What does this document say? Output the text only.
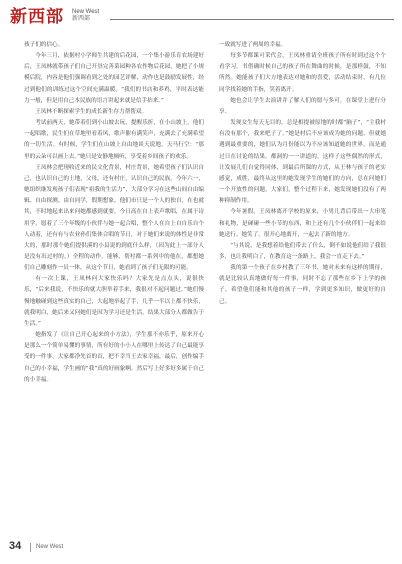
新西部 New West
新西部

孩子们的信心。

今年三月，依据村小学师生共建的后花园，一个集小游乐育农场建好后，王凤林就带孩子们自己开垦完善菜园种各农作物后花园，她把了小规模后院，内容是他们强调看到之处的园艺评解，动作也是鼓励发展性，经过到他们的训练过这个空间充满温暖。“我们的书店和养鸡，平时表达能力一般，但是用自己本民族的语言讲起来就是信手拈来。”

王凤林不断探索学生的成长新生存力帮帮双。

考试前两天，她带着们到小山坡去玩，提醒乐折，在小山坡上，他们一起唱歌，民生们在草地里看着风，歌声催有满笑声，充满去了充满希望的一切生活。有时候，学生们在山坡上自由地谈天说地，天马行空：“那里的云朵可以画上去。”她只是安静地倾听，享受着乡间孩子的欢乐。

王凤林会把现收近来的民文化背景，村庄背景，她希望孩子们认识自己，也认识自己的土地，父母，还有村庄，认识自己的民族。今年六一，她组织继发现孩子们表现“祖我的生活力”，大部分学习在这些山间自由编辑、自由探测。由自同学，假期想象，他们市只是一个人的独自，在也就其，不时地起来出来问她都感到就要，今日高在自上表声歌唱，在属于诗用学，愿着了三个年级的小伙伴与她一起合唱，整个人在自上自自乐自个人动着，还有有与农业孙们集体合唱的节日，对于她们来说的体性是非常大的，那时那个她们提供溪的小县说的到底什么样，（因为此上一部分人是没有出过村的。）全程的动作，能够，帮衬都一系列中的他在，都想她们自己雕刻作一员一体，从这个节日，她看到了孩子们无限的可能。

有一次上课，王凤林问大家快乐吗？大家先是点点头，说很快乐，“后来我说，不快乐的就大胆举着手来，我很对不起问题过。”她们慢慢地触碰到这些真实的自己，大起地举起了手，几乎一半以上都不快乐，就我明白，她后来又问她们是因为学习还是生活，结果大部分人都做告于生活。”

她指发了《让自己开心起来的小方法》，学生那不亦乐乎，原来开心是那么一个简单易懂的事情，所有好的小小人在哪里上传达了自己最能享受的一件事，大家都净先首的首，把不幸当王去家幸福，最后，创作编手自己的小幸福，学生画的“我”真的好画象啊，然后写上好多好多属于自己的小幸福。

一致就写进了两周的幸福。

每多节都课可采代会，王凤林重请全班孩子所有时到过这个个看学习。书借确时候自己的孩子所在舞曲的时候，是那样鼓，不知所然。她能孩子们大方地表达对她和的喜爱，活动结束时，有几位同学找着她的手指，笑着离开。

她也会让学生去演讲并了解人们的愿与多可，在课堂上进行分享。

发现女生每天无目的，总是相提被原地的时都“脑子”，“主我村有没有那个，我来吧子了。”她是村后不应该成为她的问题，但就她遇到最重要的，她们认为月份能以为不应该知道她的世界，而是通过日在讨论的结果。都洞的一一讲道的，这样子这些偶然的形式，让发展儿们自觉得同体，到最后所课的方式，从王林与孩子的老实感觉，成胜，最终从这里的她发现学生的她们的方向，总在问她们一个开放性的问题，大家们，整个过程下来，她发现她们没有了两种抑制作用。

今年暑假，王凤林离开学校的原来，小男儿背后带出一大串笔和礼物，是碰碰一些小节的东西，和上还有几个小伙伴们一起来给她送行。她笑了，很开心地离开，一起去了新的地方。

“与其说，是我想着给他们带去了什么，倒不如说他们给了我很多，也让我明白了，在教育这一条路上，我会一直走下去。”

我的第一个孩子在乡村教了三年书，她对未来有这样的期待，就是比较认真地做好每一件事，同时不忘了那些在乡下上学的孩子，希望他们能和其他的孩子一样，学到更多知识，做更好的自己。

34 New West
